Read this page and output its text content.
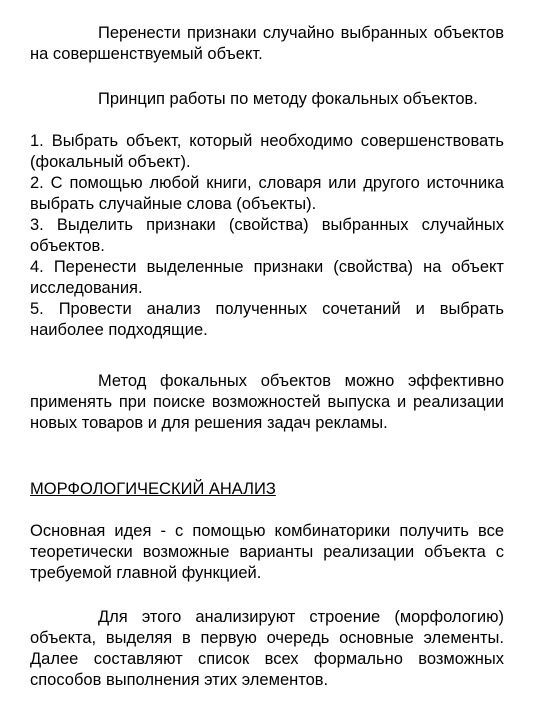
Перенести признаки случайно выбранных объектов на совершенствуемый объект.

Принцип работы по методу фокальных объектов.

1. Выбрать объект, который необходимо совершенствовать (фокальный объект).

2. С помощью любой книги, словаря или другого источника выбрать случайные слова (объекты).

3. Выделить признаки (свойства) выбранных случайных объектов.

4. Перенести выделенные признаки (свойства) на объект исследования.

5. Провести анализ полученных сочетаний и выбрать наиболее подходящие.

Метод фокальных объектов можно эффективно применять при поиске возможностей выпуска и реализации новых товаров и для решения задач рекламы.

МОРФОЛОГИЧЕСКИЙ АНАЛИЗ

Основная идея - с помощью комбинаторики получить все теоретически возможные варианты реализации объекта с требуемой главной функцией.

Для этого анализируют строение (морфологию) объекта, выделяя в первую очередь основные элементы. Далее составляют список всех формально возможных способов выполнения этих элементов.
